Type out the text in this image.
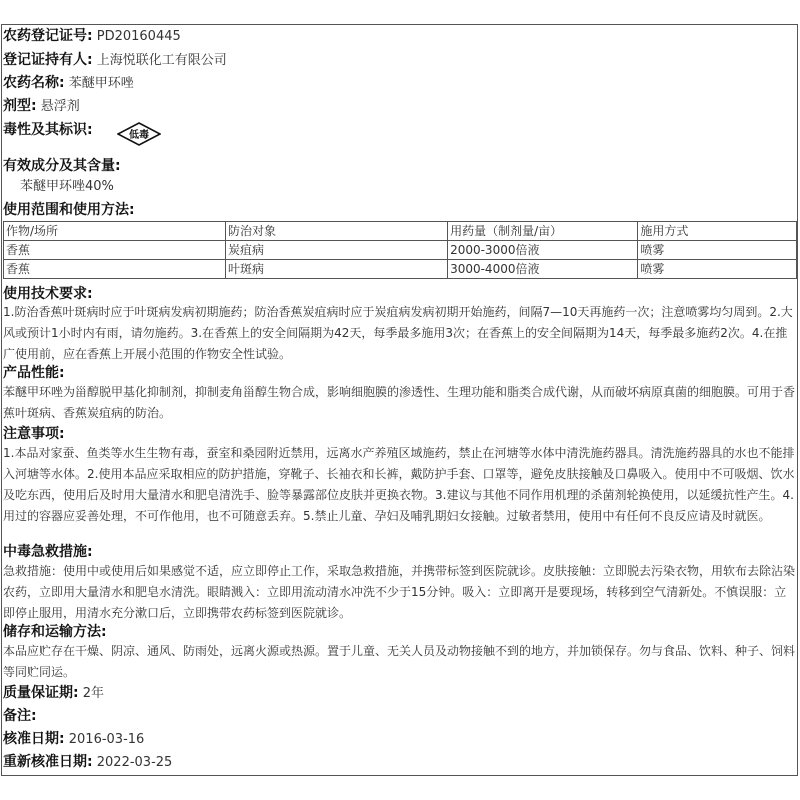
农药登记证号: PD20160445
登记证持有人: 上海悦联化工有限公司
农药名称: 苯醚甲环唑
剂型: 悬浮剂
毒性及其标识:	低毒
有效成分及其含量:
苯醚甲环唑40%
使用范围和使用方法:
作物/场所	防治对象	用药量（制剂量/亩）	施用方式
香蕉	炭疽病	2000-3000倍液	喷雾
香蕉	叶斑病	3000-4000倍液	喷雾
使用技术要求:
1.防治香蕉叶斑病时应于叶斑病发病初期施药；防治香蕉炭疽病时应于炭疽病发病初期开始施药，间隔7—10天再施药一次；注意喷雾均匀周到。2.大风或预计1小时内有雨，请勿施药。3.在香蕉上的安全间隔期为42天，每季最多施用3次；在香蕉上的安全间隔期为14天，每季最多施药2次。4.在推广使用前，应在香蕉上开展小范围的作物安全性试验。
产品性能:
苯醚甲环唑为甾醇脱甲基化抑制剂，抑制麦角甾醇生物合成，影响细胞膜的渗透性、生理功能和脂类合成代谢，从而破坏病原真菌的细胞膜。可用于香蕉叶斑病、香蕉炭疽病的防治。
注意事项:
1.本品对家蚕、鱼类等水生生物有毒，蚕室和桑园附近禁用，远离水产养殖区域施药，禁止在河塘等水体中清洗施药器具。清洗施药器具的水也不能排入河塘等水体。2.使用本品应采取相应的防护措施，穿靴子、长袖衣和长裤，戴防护手套、口罩等，避免皮肤接触及口鼻吸入。使用中不可吸烟、饮水及吃东西，使用后及时用大量清水和肥皂清洗手、脸等暴露部位皮肤并更换衣物。3.建议与其他不同作用机理的杀菌剂轮换使用，以延缓抗性产生。4.用过的容器应妥善处理，不可作他用，也不可随意丢弃。5.禁止儿童、孕妇及哺乳期妇女接触。过敏者禁用，使用中有任何不良反应请及时就医。
中毒急救措施:
急救措施：使用中或使用后如果感觉不适，应立即停止工作，采取急救措施，并携带标签到医院就诊。皮肤接触：立即脱去污染衣物，用软布去除沾染农药，立即用大量清水和肥皂水清洗。眼睛溅入：立即用流动清水冲洗不少于15分钟。吸入：立即离开是要现场，转移到空气清新处。不慎误服：立即停止服用，用清水充分漱口后，立即携带农药标签到医院就诊。
储存和运输方法:
本品应贮存在干燥、阴凉、通风、防雨处，远离火源或热源。置于儿童、无关人员及动物接触不到的地方，并加锁保存。勿与食品、饮料、种子、饲料等同贮同运。
质量保证期: 2年
备注:
核准日期: 2016-03-16
重新核准日期: 2022-03-25
